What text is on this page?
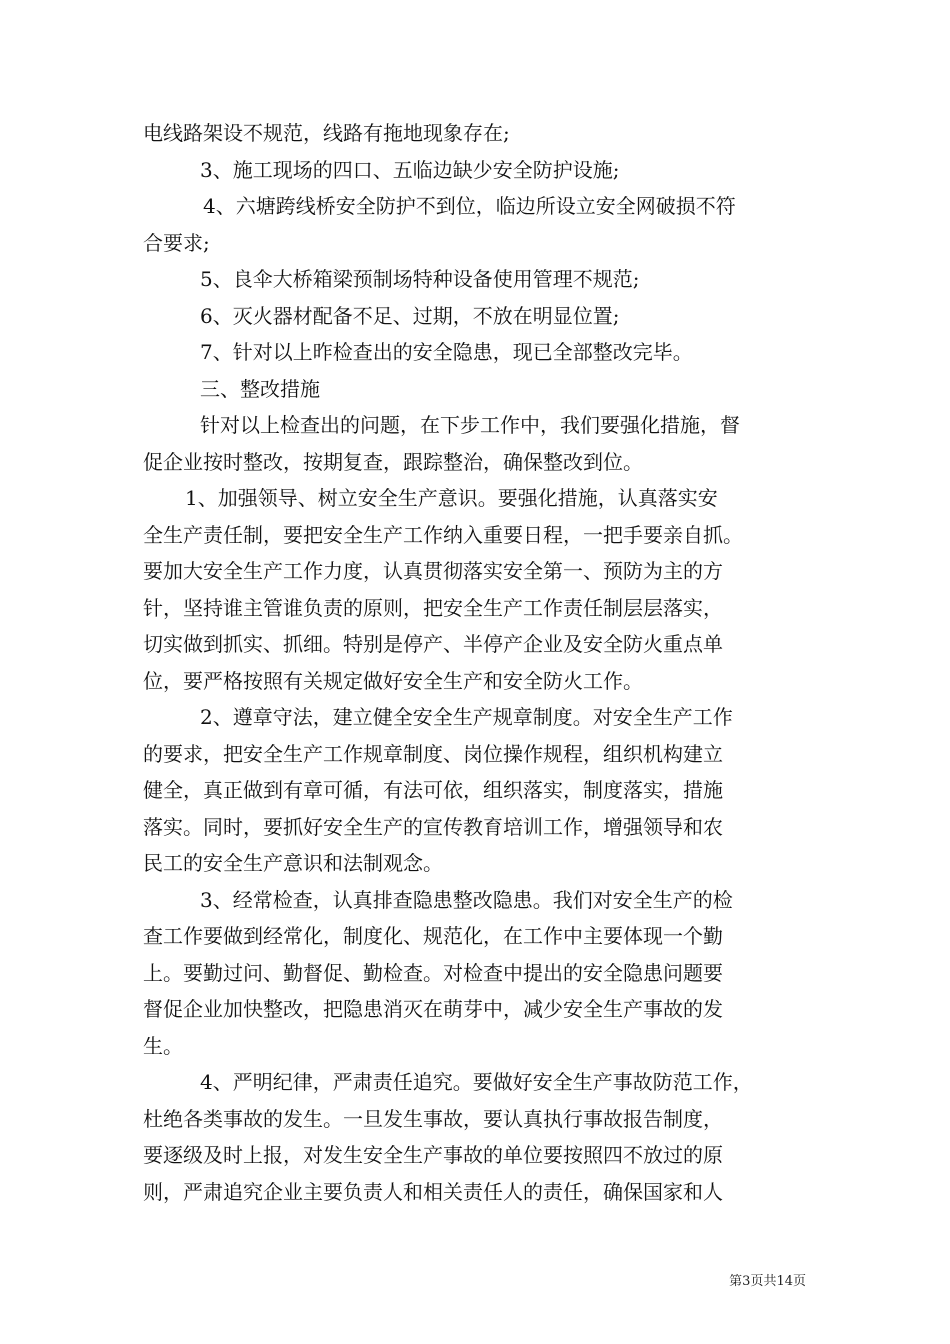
电线路架设不规范，线路有拖地现象存在;
3、施工现场的四口、五临边缺少安全防护设施;
4、六塘跨线桥安全防护不到位，临边所设立安全网破损不符
合要求;
5、良伞大桥箱梁预制场特种设备使用管理不规范;
6、灭火器材配备不足、过期，不放在明显位置;
7、针对以上昨检查出的安全隐患，现已全部整改完毕。
三、整改措施
针对以上检查出的问题，在下步工作中，我们要强化措施，督
促企业按时整改，按期复查，跟踪整治，确保整改到位。
1、加强领导、树立安全生产意识。要强化措施，认真落实安
全生产责任制，要把安全生产工作纳入重要日程，一把手要亲自抓。
要加大安全生产工作力度，认真贯彻落实安全第一、预防为主的方
针，坚持谁主管谁负责的原则，把安全生产工作责任制层层落实，
切实做到抓实、抓细。特别是停产、半停产企业及安全防火重点单
位，要严格按照有关规定做好安全生产和安全防火工作。
2、遵章守法，建立健全安全生产规章制度。对安全生产工作
的要求，把安全生产工作规章制度、岗位操作规程，组织机构建立
健全，真正做到有章可循，有法可依，组织落实，制度落实，措施
落实。同时，要抓好安全生产的宣传教育培训工作，增强领导和农
民工的安全生产意识和法制观念。
3、经常检查，认真排查隐患整改隐患。我们对安全生产的检
查工作要做到经常化，制度化、规范化，在工作中主要体现一个勤
上。要勤过问、勤督促、勤检查。对检查中提出的安全隐患问题要
督促企业加快整改，把隐患消灭在萌芽中，减少安全生产事故的发
生。
4、严明纪律，严肃责任追究。要做好安全生产事故防范工作，
杜绝各类事故的发生。一旦发生事故，要认真执行事故报告制度，
要逐级及时上报，对发生安全生产事故的单位要按照四不放过的原
则，严肃追究企业主要负责人和相关责任人的责任，确保国家和人
第3页共14页
